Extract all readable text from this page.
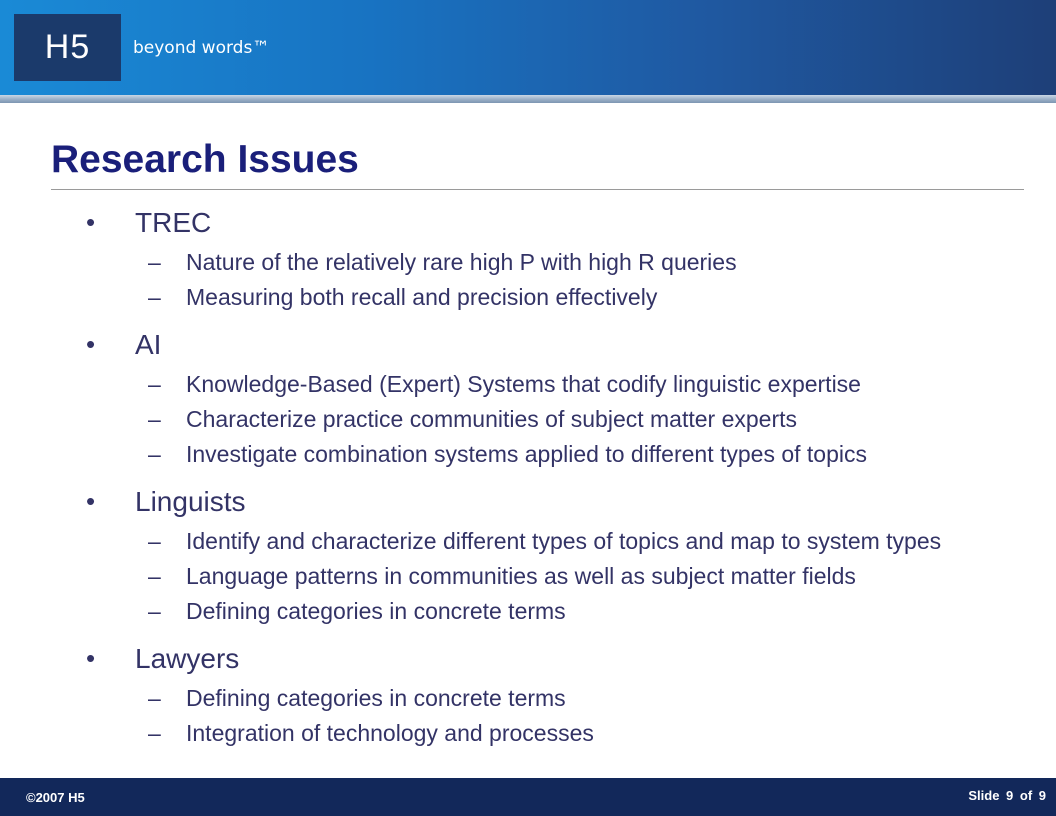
H5	beyond words™
Research Issues
• TREC
– Nature of the relatively rare high P with high R queries
– Measuring both recall and precision effectively
• AI
– Knowledge-Based (Expert) Systems that codify linguistic expertise
– Characterize practice communities of subject matter experts
– Investigate combination systems applied to different types of topics
• Linguists
– Identify and characterize different types of topics and map to system types
– Language patterns in communities as well as subject matter fields
– Defining categories in concrete terms
• Lawyers
– Defining categories in concrete terms
– Integration of technology and processes
©2007 H5	Slide 9 of 9
